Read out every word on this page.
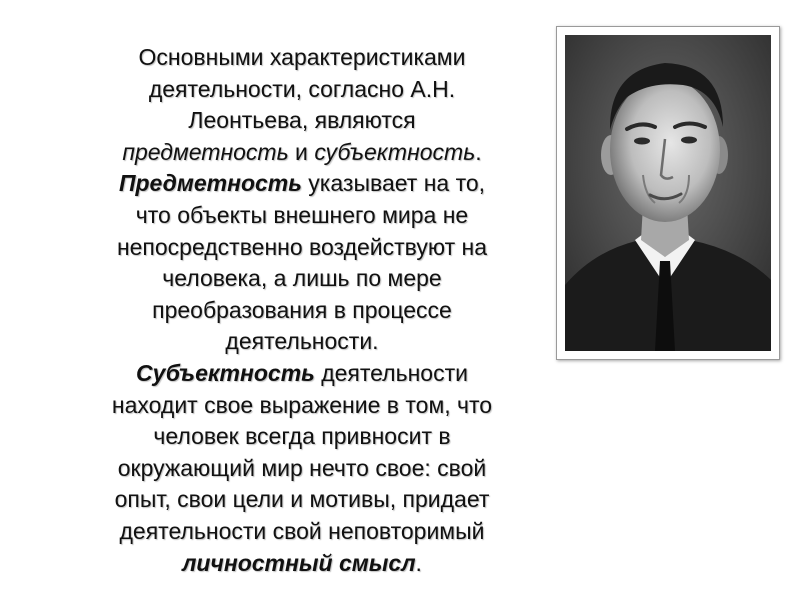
Основными характеристиками
деятельности, согласно А.Н.
Леонтьева, являются
предметность и субъектность.
Предметность указывает на то,
что объекты внешнего мира не
непосредственно воздействуют на
человека, а лишь по мере
преобразования в процессе
деятельности.
Субъектность деятельности
находит свое выражение в том, что
человек всегда привносит в
окружающий мир нечто свое: свой
опыт, свои цели и мотивы, придает
деятельности свой неповторимый
личностный смысл.
